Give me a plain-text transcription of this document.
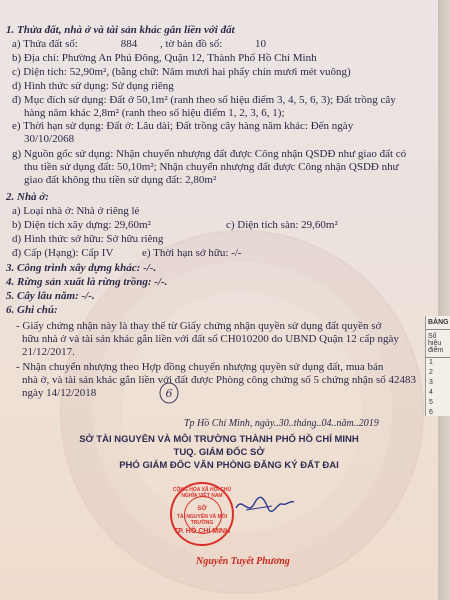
1. Thửa đất, nhà ở và tài sản khác gắn liền với đất
a) Thửa đất số:	884 , tờ bản đồ số:	10
b) Địa chỉ: Phường An Phú Đông, Quận 12, Thành Phố Hồ Chí Minh
c) Diện tích: 52,90m², (bằng chữ: Năm mươi hai phẩy chín mươi mét vuông)
d) Hình thức sử dụng: Sử dụng riêng
đ) Mục đích sử dụng: Đất ở 50,1m² (ranh theo số hiệu điểm 3, 4, 5, 6, 3); Đất trồng cây
hàng năm khác 2,8m² (ranh theo số hiệu điểm 1, 2, 3, 6, 1);
e) Thời hạn sử dụng: Đất ở: Lâu dài; Đất trồng cây hàng năm khác: Đến ngày
30/10/2068
g) Nguồn gốc sử dụng: Nhận chuyển nhượng đất được Công nhận QSDĐ như giao đất có
thu tiền sử dụng đất: 50,10m²; Nhận chuyển nhượng đất được Công nhận QSDĐ như
giao đất không thu tiền sử dụng đất: 2,80m²
2. Nhà ở:
a) Loại nhà ở: Nhà ở riêng lẻ
b) Diện tích xây dựng: 29,60m²	c) Diện tích sàn: 29,60m²
d) Hình thức sở hữu: Sở hữu riêng
đ) Cấp (Hạng): Cấp IV	e) Thời hạn sở hữu: -/-
3. Công trình xây dựng khác: -/-.
4. Rừng sản xuất là rừng trồng: -/-.
5. Cây lâu năm: -/-.
6. Ghi chú:
- Giấy chứng nhận này là thay thế từ Giấy chứng nhận quyền sử dụng đất quyền sở
hữu nhà ở và tài sản khác gắn liền với đất số CH010200 do UBND Quận 12 cấp ngày
21/12/2017.
- Nhận chuyển nhượng theo Hợp đồng chuyển nhượng quyền sử dụng đất, mua bán
nhà ở, và tài sản khác gắn liền với đất được Phòng công chứng số 5 chứng nhận số 42483
ngày 14/12/2018	6
Tp Hồ Chí Minh, ngày..30..tháng..04..năm..2019
SỞ TÀI NGUYÊN VÀ MÔI TRƯỜNG THÀNH PHỐ HỒ CHÍ MINH
TUQ. GIÁM ĐỐC SỞ
PHÓ GIÁM ĐỐC VĂN PHÒNG ĐĂNG KÝ ĐẤT ĐAI
CỘNG HÒA XÃ HỘI CHỦ NGHĨA VIỆT NAM
SỞ
TÀI NGUYÊN VÀ MÔI TRƯỜNG
TP. HỒ CHÍ MINH
Nguyễn Tuyết Phương
BẢNG
Số hiệu điểm
1
2
3
4
5
6
